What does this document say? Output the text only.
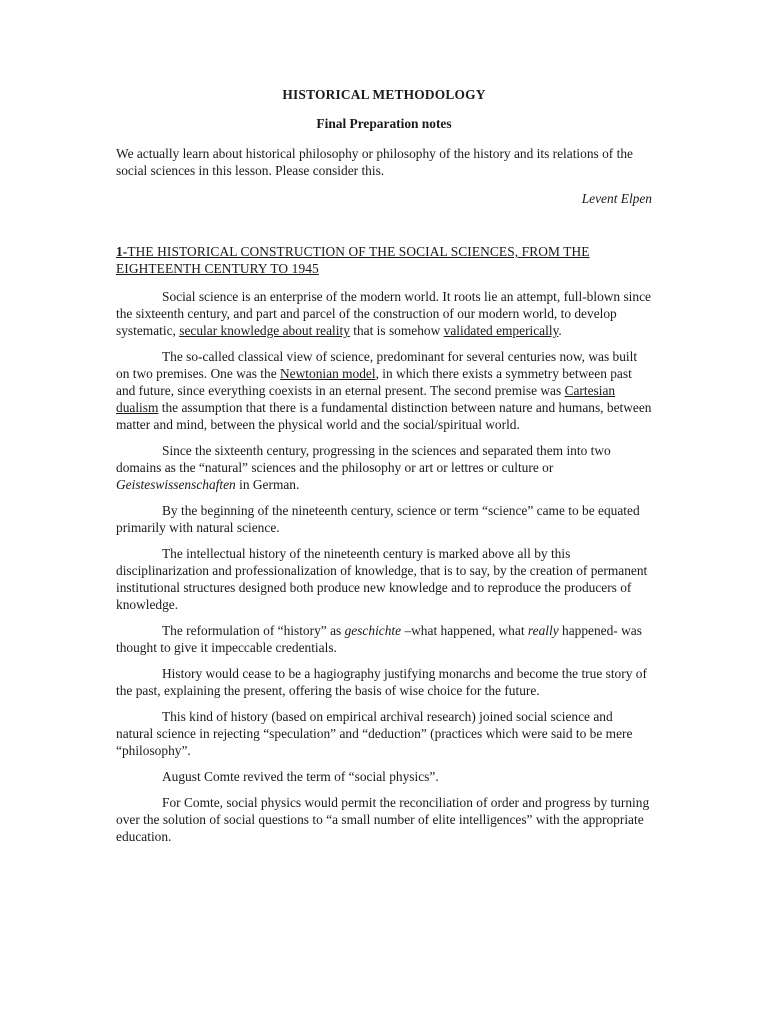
HISTORICAL METHODOLOGY
Final Preparation notes

We actually learn about historical philosophy or philosophy of the history and its relations of the social sciences in this lesson. Please consider this.

Levent Elpen

1-THE HISTORICAL CONSTRUCTION OF THE SOCIAL SCIENCES, FROM THE EIGHTEENTH CENTURY TO 1945

Social science is an enterprise of the modern world. It roots lie an attempt, full-blown since the sixteenth century, and part and parcel of the construction of our modern world, to develop systematic, secular knowledge about reality that is somehow validated emperically.

The so-called classical view of science, predominant for several centuries now, was built on two premises. One was the Newtonian model, in which there exists a symmetry between past and future, since everything coexists in an eternal present. The second premise was Cartesian dualism the assumption that there is a fundamental distinction between nature and humans, between matter and mind, between the physical world and the social/spiritual world.

Since the sixteenth century, progressing in the sciences and separated them into two domains as the “natural” sciences and the philosophy or art or lettres or culture or Geisteswissenschaften in German.

By the beginning of the nineteenth century, science or term “science” came to be equated primarily with natural science.

The intellectual history of the nineteenth century is marked above all by this disciplinarization and professionalization of knowledge, that is to say, by the creation of permanent institutional structures designed both produce new knowledge and to reproduce the producers of knowledge.

The reformulation of “history” as geschichte –what happened, what really happened- was thought to give it impeccable credentials.

History would cease to be a hagiography justifying monarchs and become the true story of the past, explaining the present, offering the basis of wise choice for the future.

This kind of history (based on empirical archival research) joined social science and natural science in rejecting “speculation” and “deduction” (practices which were said to be mere “philosophy”.

August Comte revived the term of “social physics”.

For Comte, social physics would permit the reconciliation of order and progress by turning over the solution of social questions to “a small number of elite intelligences” with the appropriate education.
